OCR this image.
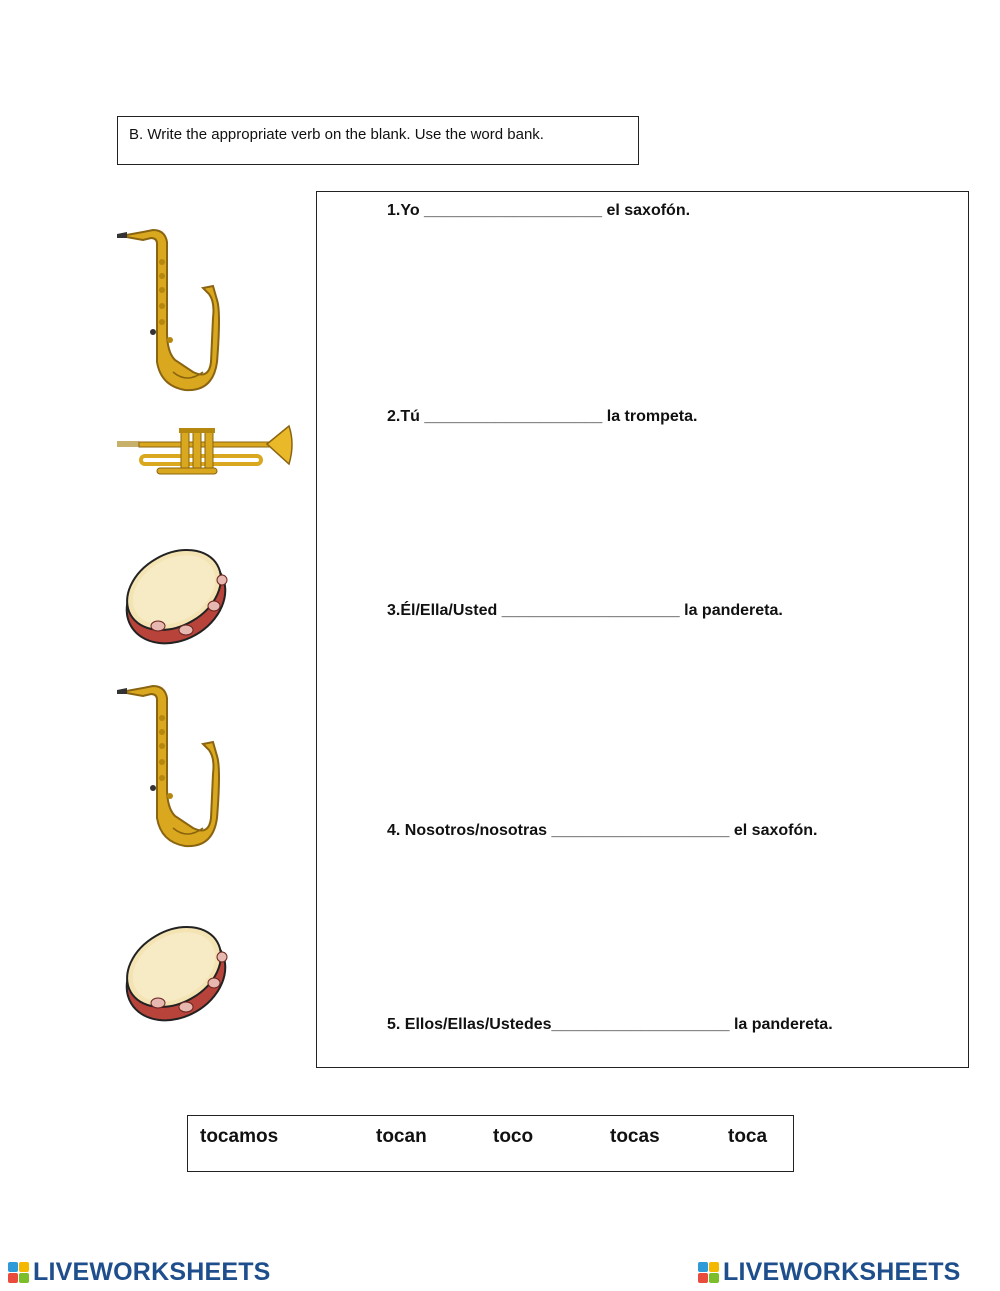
B. Write the appropriate verb on the blank. Use the word bank.
1.Yo ____________________ el saxofón.
2.Tú ____________________ la trompeta.
3.Él/Ella/Usted ____________________ la pandereta.
4. Nosotros/nosotras ____________________ el saxofón.
5. Ellos/Ellas/Ustedes____________________ la pandereta.
tocamos	tocan	toco	tocas	toca
LIVEWORKSHEETS	LIVEWORKSHEETS
